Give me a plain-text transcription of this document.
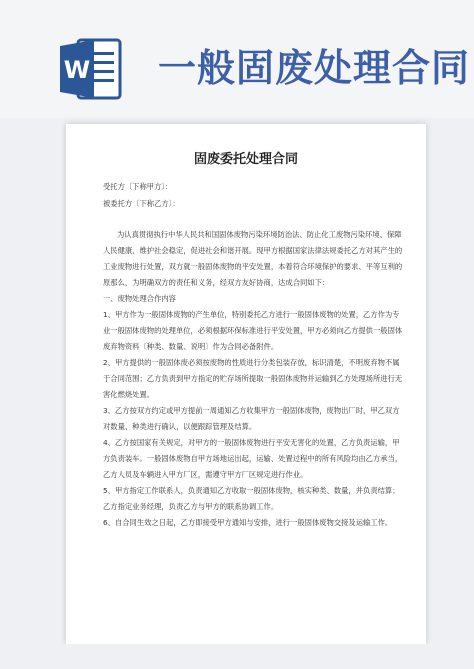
W 一般固废处理合同
固废委托处理合同
受托方〔下称甲方〕：
被委托方〔下称乙方〕：

为认真贯彻执行中华人民共和国固体废物污染环境防治法、防止化工废物污染环境、保障人民健康，维护社会稳定，促进社会和谐开展。现甲方根据国家法律法规委托乙方对其产生的工业废物进行处置，双方就一般固体废物的平安处置，本着符合环境保护的要求、平等互利的原那么，为明确双方的责任和义务，经双方友好协商，达成合同如下：

一、废物处理合作内容

1、甲方作为一般固体废物的产生单位，特别委托乙方进行一般固体废物的处置，乙方作为专业一般固体废物的处理单位，必须根据环保标准进行平安处置，甲方必须向乙方提供一般固体废弃物资料〔种类、数量、说明〕作为合同必备附件。

2、甲方提供的一般固体废必须按废物的性质进行分类包装存放，标识清楚，不明废弃物不属于合同范围；乙方负责到甲方指定的贮存场所提取一般固体废物并运输到乙方处理场所进行无害化燃烧处置。

3、乙方按双方约定或甲方提前一周通知乙方收集甲方一般固体废物，废物出厂时，甲乙双方对数量、种类进行确认，以便跟踪管理及结算。

4、乙方按国家有关规定，对甲方的一般固体废物进行平安无害化的处置，乙方负责运输，甲方负责装车。一般固体废物自甲方场地运出起，运输、处置过程中的所有风险均由乙方承当，乙方人员及车辆进入甲方厂区，需遵守甲方厂区规定进行作业。

5、甲方指定工作联系人，负责通知乙方收取一般固体废物，核实种类、数量，并负责结算；乙方指定业务经理，负责乙方与甲方的联系协调工作。

6、自合同生效之日起，乙方即接受甲方通知与安排，进行一般固体废物交接及运输工作。
